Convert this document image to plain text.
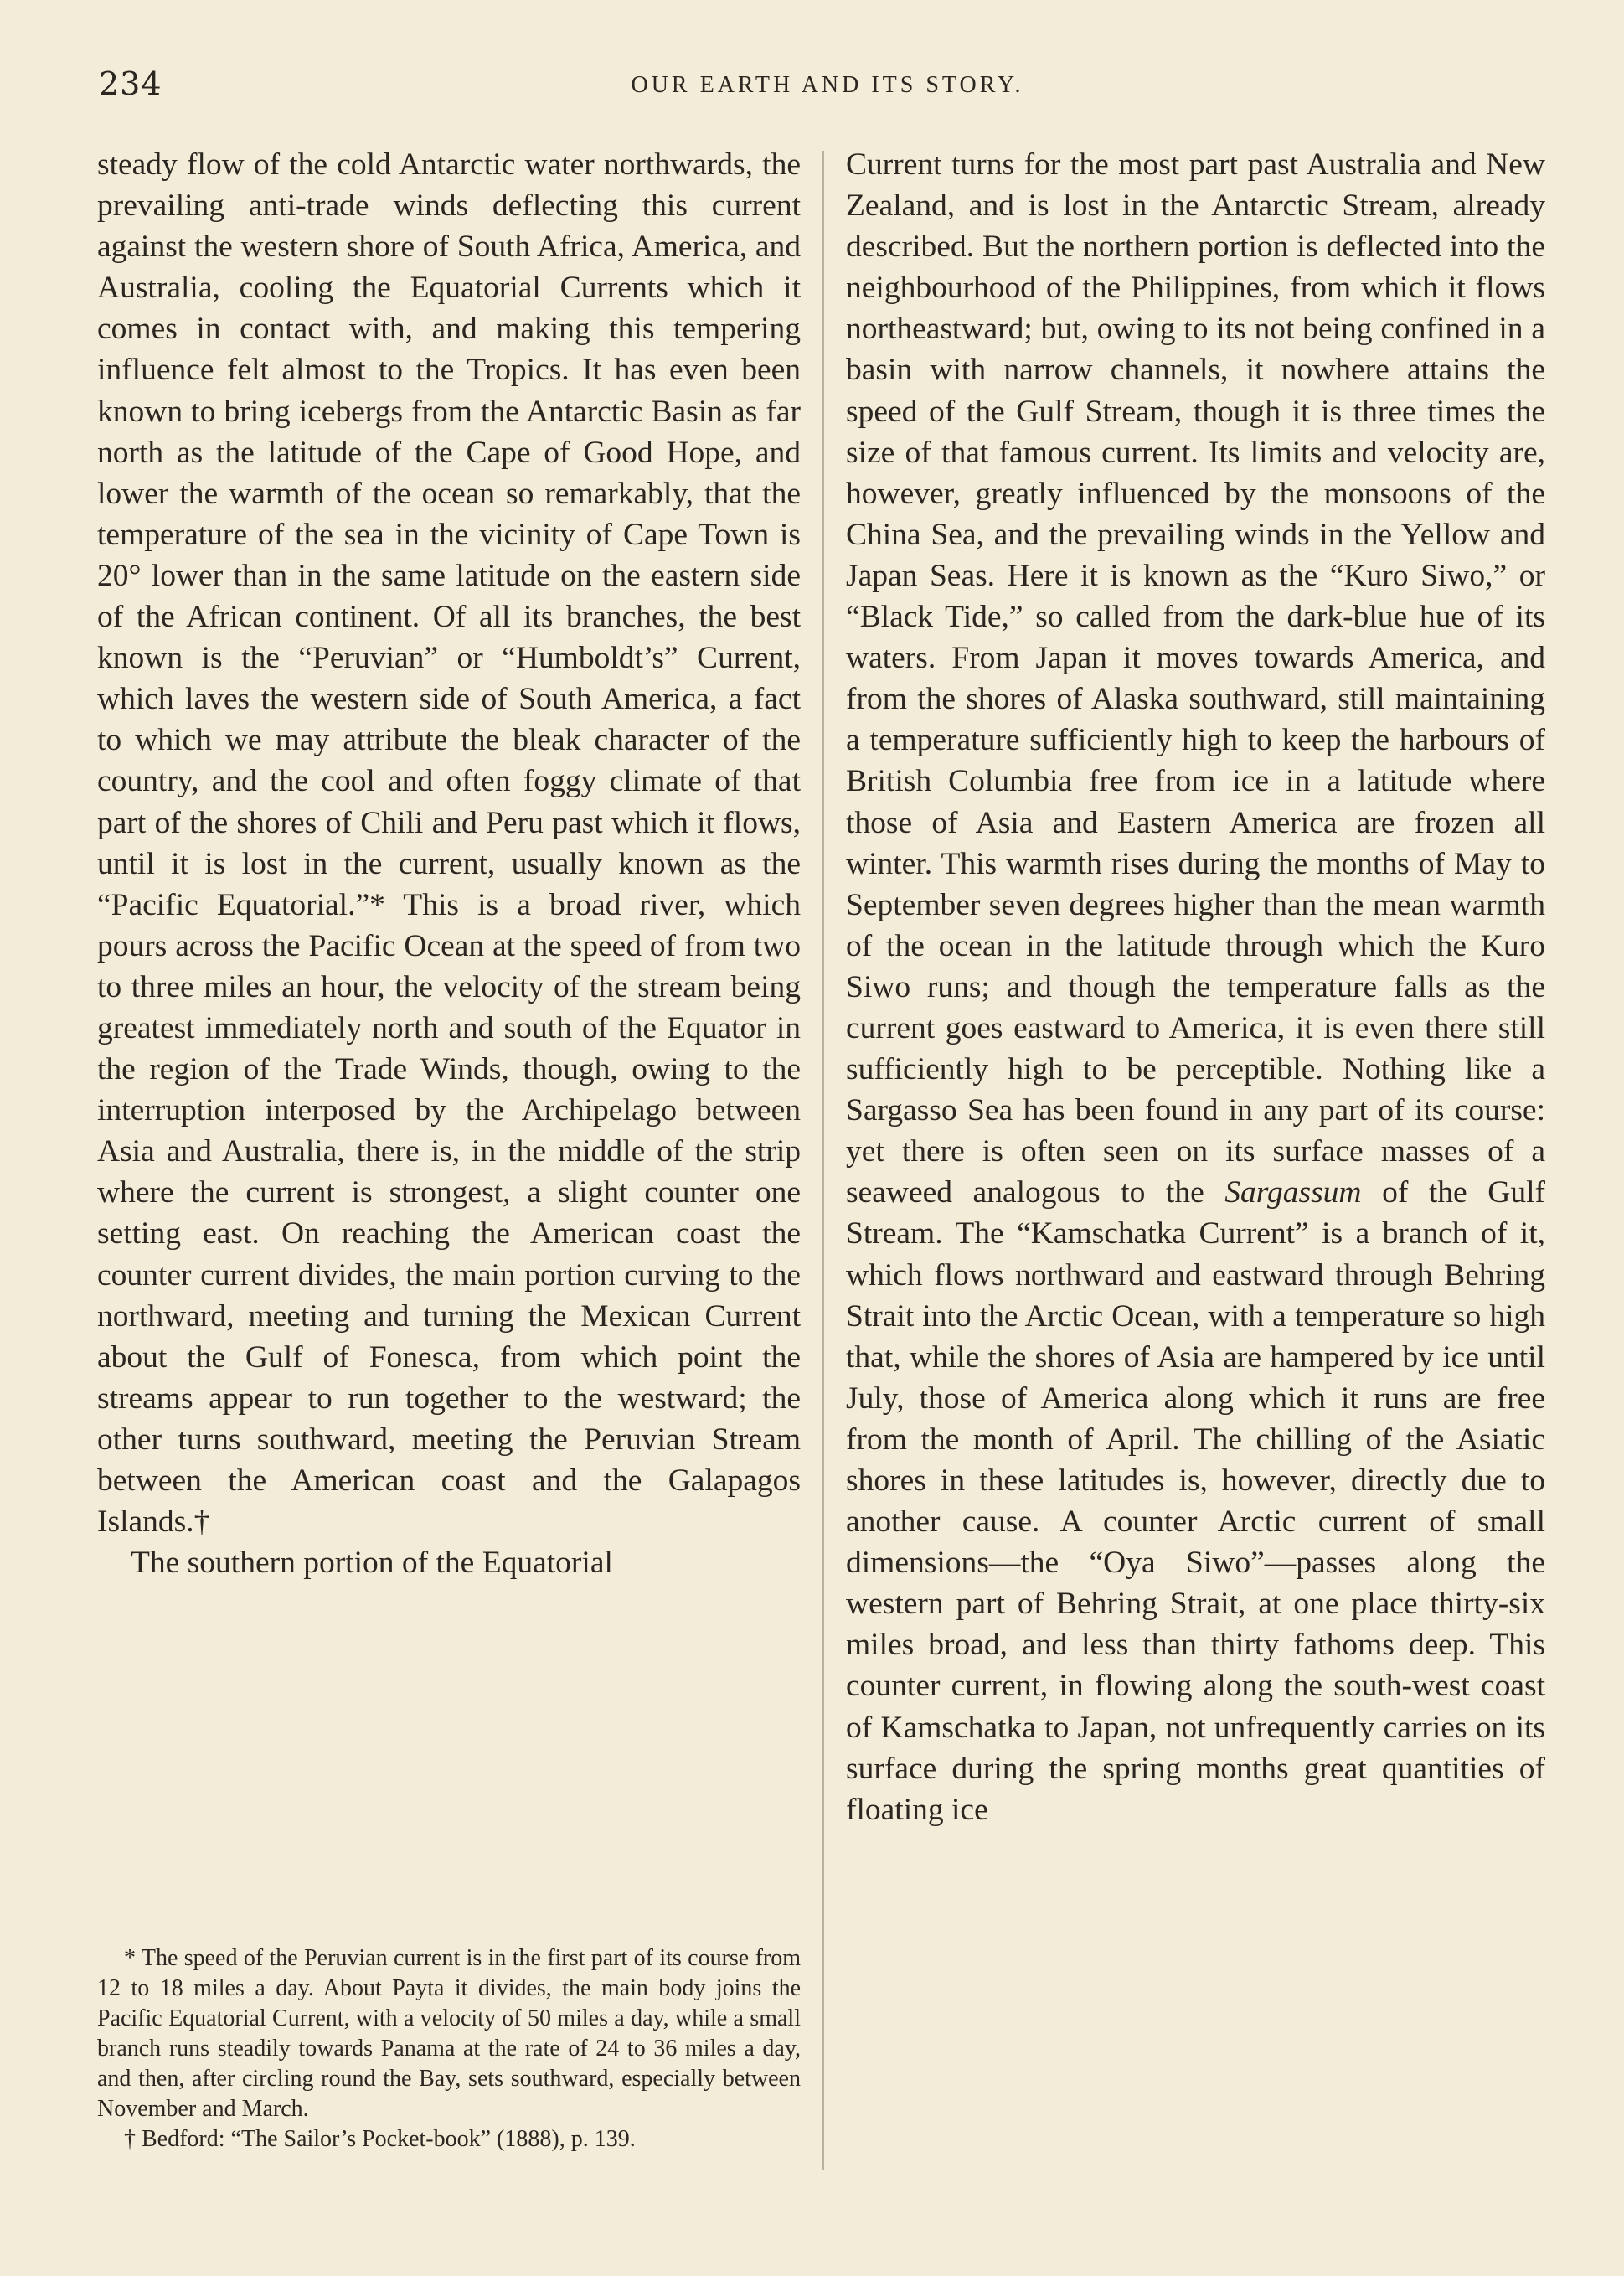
234	OUR EARTH AND ITS STORY.

steady flow of the cold Antarctic water northwards, the prevailing anti-trade winds deflecting this current against the western shore of South Africa, America, and Australia, cooling the Equatorial Currents which it comes in contact with, and making this tempering influence felt almost to the Tropics. It has even been known to bring icebergs from the Antarctic Basin as far north as the latitude of the Cape of Good Hope, and lower the warmth of the ocean so remarkably, that the temperature of the sea in the vicinity of Cape Town is 20° lower than in the same latitude on the eastern side of the African continent. Of all its branches, the best known is the “Peruvian” or “Humboldt’s” Current, which laves the western side of South America, a fact to which we may attribute the bleak character of the country, and the cool and often foggy climate of that part of the shores of Chili and Peru past which it flows, until it is lost in the current, usually known as the “Pacific Equatorial.”* This is a broad river, which pours across the Pacific Ocean at the speed of from two to three miles an hour, the velocity of the stream being greatest immediately north and south of the Equator in the region of the Trade Winds, though, owing to the interruption interposed by the Archipelago between Asia and Australia, there is, in the middle of the strip where the current is strongest, a slight counter one setting east. On reaching the American coast the counter current divides, the main portion curving to the northward, meeting and turning the Mexican Current about the Gulf of Fonesca, from which point the streams appear to run together to the westward; the other turns southward, meeting the Peruvian Stream between the American coast and the Galapagos Islands.†

The southern portion of the Equatorial

Current turns for the most part past Australia and New Zealand, and is lost in the Antarctic Stream, already described. But the northern portion is deflected into the neighbourhood of the Philippines, from which it flows northeastward; but, owing to its not being confined in a basin with narrow channels, it nowhere attains the speed of the Gulf Stream, though it is three times the size of that famous current. Its limits and velocity are, however, greatly influenced by the monsoons of the China Sea, and the prevailing winds in the Yellow and Japan Seas. Here it is known as the “Kuro Siwo,” or “Black Tide,” so called from the dark-blue hue of its waters. From Japan it moves towards America, and from the shores of Alaska southward, still maintaining a temperature sufficiently high to keep the harbours of British Columbia free from ice in a latitude where those of Asia and Eastern America are frozen all winter. This warmth rises during the months of May to September seven degrees higher than the mean warmth of the ocean in the latitude through which the Kuro Siwo runs; and though the temperature falls as the current goes eastward to America, it is even there still sufficiently high to be perceptible. Nothing like a Sargasso Sea has been found in any part of its course: yet there is often seen on its surface masses of a seaweed analogous to the Sargassum of the Gulf Stream. The “Kamschatka Current” is a branch of it, which flows northward and eastward through Behring Strait into the Arctic Ocean, with a temperature so high that, while the shores of Asia are hampered by ice until July, those of America along which it runs are free from the month of April. The chilling of the Asiatic shores in these latitudes is, however, directly due to another cause. A counter Arctic current of small dimensions—the “Oya Siwo”—passes along the western part of Behring Strait, at one place thirty-six miles broad, and less than thirty fathoms deep. This counter current, in flowing along the south-west coast of Kamschatka to Japan, not unfrequently carries on its surface during the spring months great quantities of floating ice

* The speed of the Peruvian current is in the first part of its course from 12 to 18 miles a day. About Payta it divides, the main body joins the Pacific Equatorial Current, with a velocity of 50 miles a day, while a small branch runs steadily towards Panama at the rate of 24 to 36 miles a day, and then, after circling round the Bay, sets southward, especially between November and March.

† Bedford: “The Sailor’s Pocket-book” (1888), p. 139.
